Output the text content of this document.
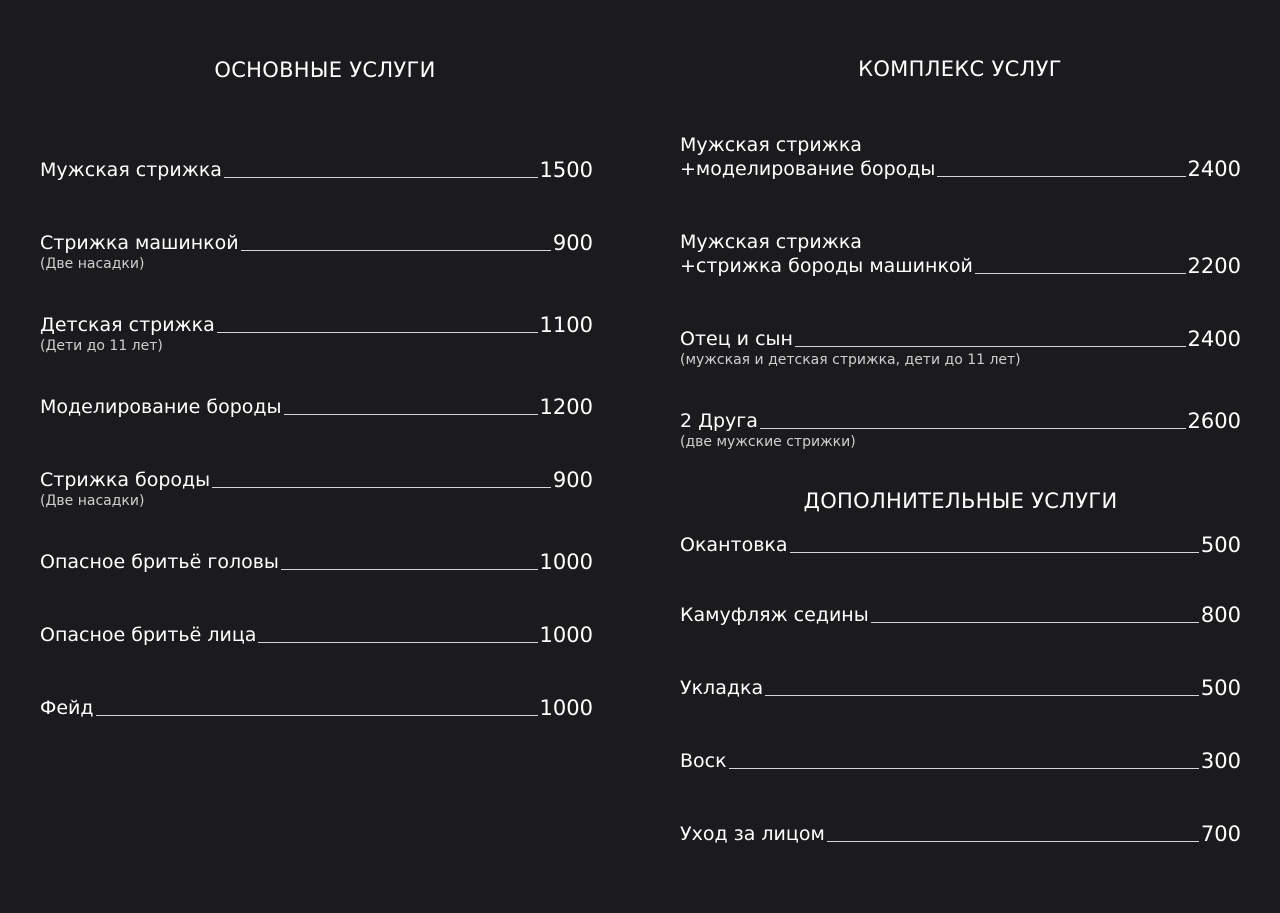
ОСНОВНЫЕ УСЛУГИ
Мужская стрижка	1500
Стрижка машинкой	900
(Две насадки)
Детская стрижка	1100
(Дети до 11 лет)
Моделирование бороды	1200
Стрижка бороды	900
(Две насадки)
Опасное бритьё головы	1000
Опасное бритьё лица	1000
Фейд	1000
КОМПЛЕКС УСЛУГ
Мужская стрижка
+моделирование бороды	2400
Мужская стрижка
+стрижка бороды машинкой	2200
Отец и сын	2400
(мужская и детская стрижка, дети до 11 лет)
2 Друга	2600
(две мужские стрижки)
ДОПОЛНИТЕЛЬНЫЕ УСЛУГИ
Окантовка	500
Камуфляж седины	800
Укладка	500
Воск	300
Уход за лицом	700
